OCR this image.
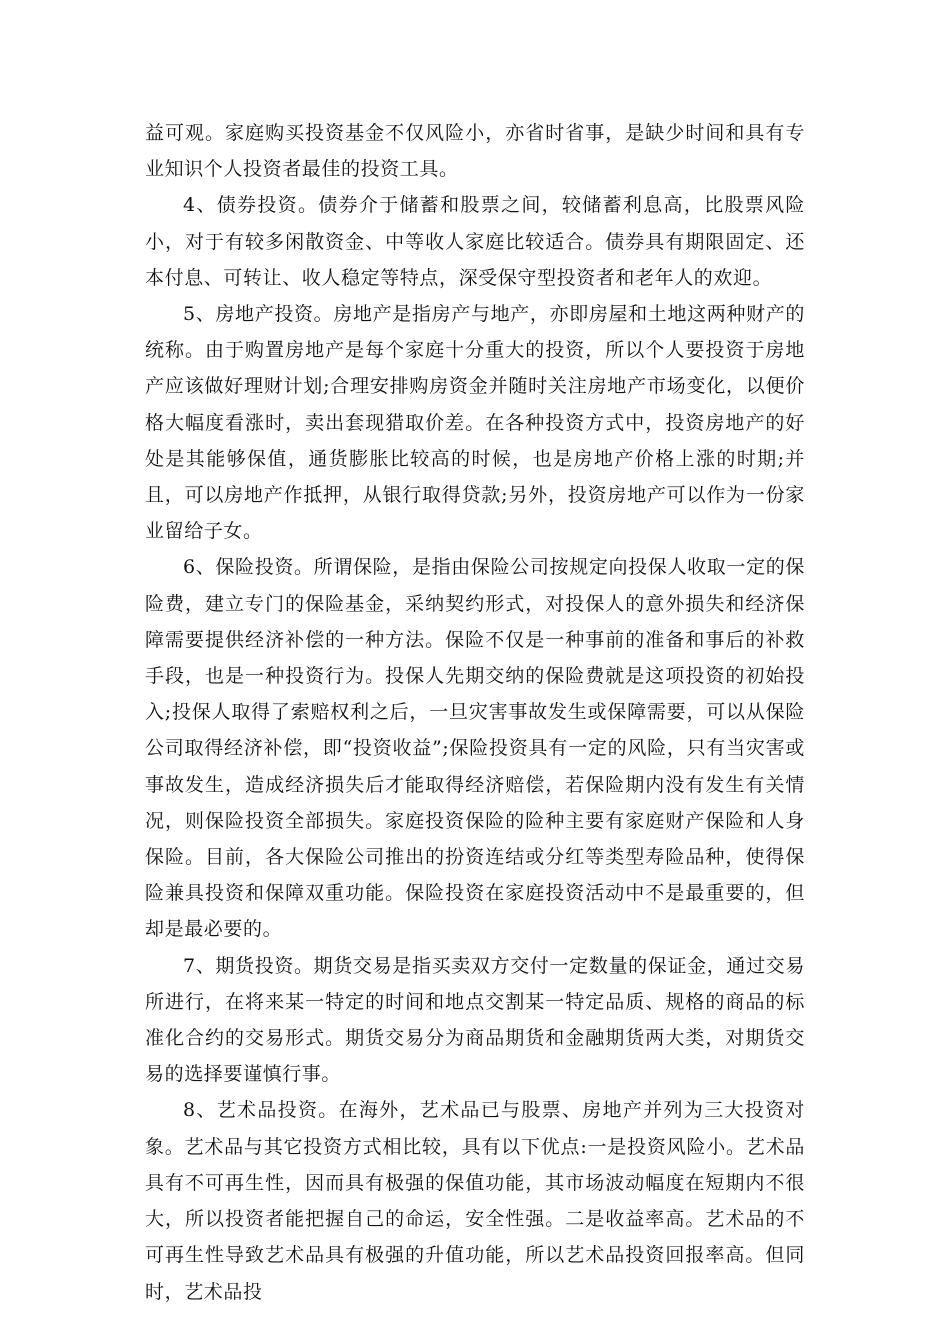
益可观。家庭购买投资基金不仅风险小，亦省时省事，是缺少时间和具有专业知识个人投资者最佳的投资工具。

4、债券投资。债券介于储蓄和股票之间，较储蓄利息高，比股票风险小，对于有较多闲散资金、中等收人家庭比较适合。债券具有期限固定、还本付息、可转让、收人稳定等特点，深受保守型投资者和老年人的欢迎。

5、房地产投资。房地产是指房产与地产，亦即房屋和土地这两种财产的统称。由于购置房地产是每个家庭十分重大的投资，所以个人要投资于房地产应该做好理财计划;合理安排购房资金并随时关注房地产市场变化，以便价格大幅度看涨时，卖出套现猎取价差。在各种投资方式中，投资房地产的好处是其能够保值，通货膨胀比较高的时候，也是房地产价格上涨的时期;并且，可以房地产作抵押，从银行取得贷款;另外，投资房地产可以作为一份家业留给子女。

6、保险投资。所谓保险，是指由保险公司按规定向投保人收取一定的保险费，建立专门的保险基金，采纳契约形式，对投保人的意外损失和经济保障需要提供经济补偿的一种方法。保险不仅是一种事前的准备和事后的补救手段，也是一种投资行为。投保人先期交纳的保险费就是这项投资的初始投入;投保人取得了索赔权利之后，一旦灾害事故发生或保障需要，可以从保险公司取得经济补偿，即“投资收益”;保险投资具有一定的风险，只有当灾害或事故发生，造成经济损失后才能取得经济赔偿，若保险期内没有发生有关情况，则保险投资全部损失。家庭投资保险的险种主要有家庭财产保险和人身保险。目前，各大保险公司推出的扮资连结或分红等类型寿险品种，使得保险兼具投资和保障双重功能。保险投资在家庭投资活动中不是最重要的，但却是最必要的。

7、期货投资。期货交易是指买卖双方交付一定数量的保证金，通过交易所进行，在将来某一特定的时间和地点交割某一特定品质、规格的商品的标准化合约的交易形式。期货交易分为商品期货和金融期货两大类，对期货交易的选择要谨慎行事。

8、艺术品投资。在海外，艺术品已与股票、房地产并列为三大投资对象。艺术品与其它投资方式相比较，具有以下优点:一是投资风险小。艺术品具有不可再生性，因而具有极强的保值功能，其市场波动幅度在短期内不很大，所以投资者能把握自己的命运，安全性强。二是收益率高。艺术品的不可再生性导致艺术品具有极强的升值功能，所以艺术品投资回报率高。但同时，艺术品投
